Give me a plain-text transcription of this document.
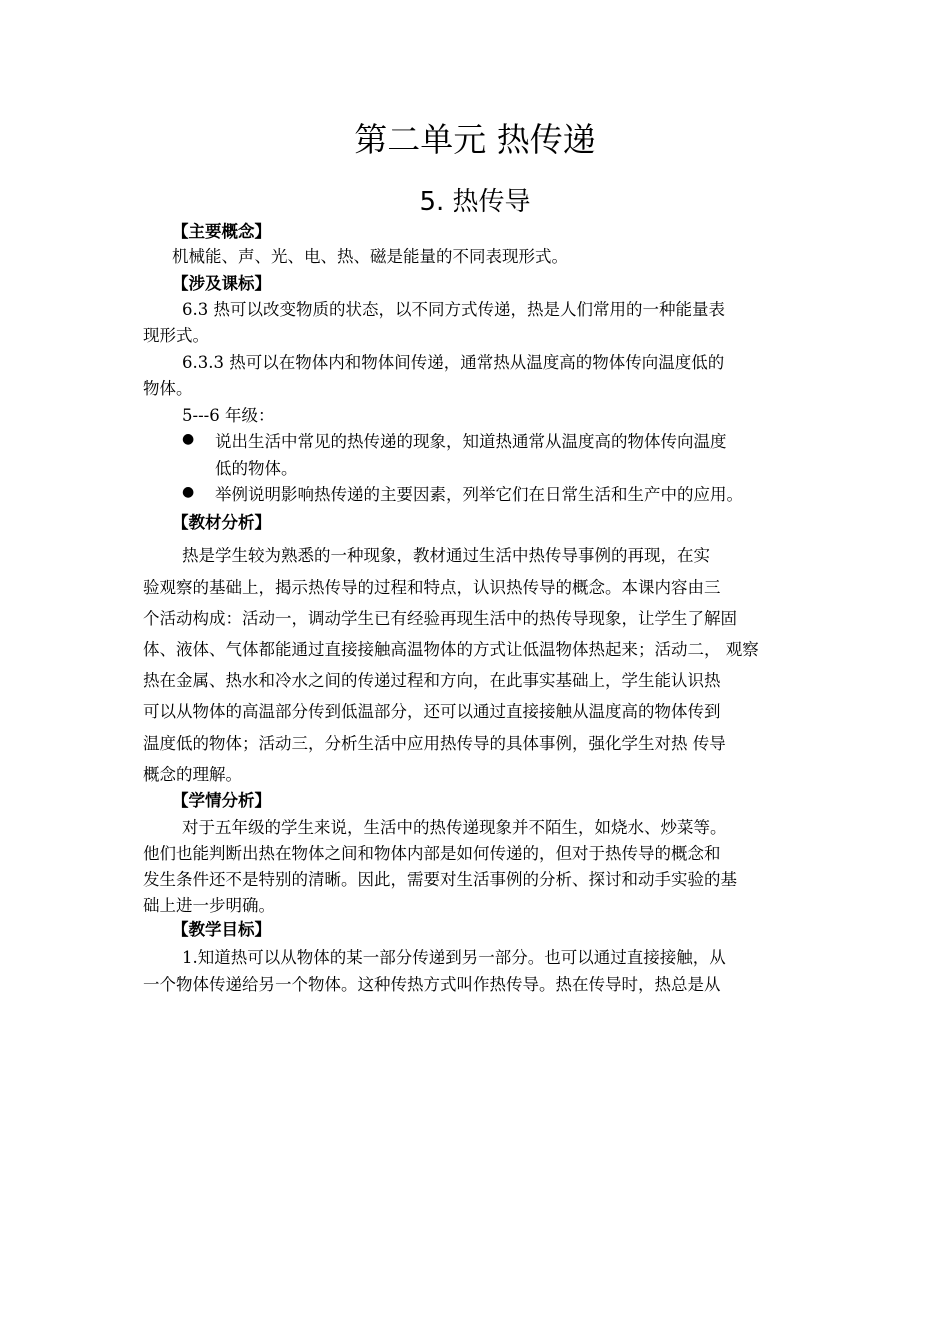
第二单元 热传递
5. 热传导
【主要概念】
机械能、声、光、电、热、磁是能量的不同表现形式。
【涉及课标】
6.3 热可以改变物质的状态，以不同方式传递，热是人们常用的一种能量表
现形式。
6.3.3 热可以在物体内和物体间传递，通常热从温度高的物体传向温度低的
物体。
5---6 年级：
● 说出生活中常见的热传递的现象，知道热通常从温度高的物体传向温度
低的物体。
● 举例说明影响热传递的主要因素，列举它们在日常生活和生产中的应用。
【教材分析】
热是学生较为熟悉的一种现象，教材通过生活中热传导事例的再现，在实
验观察的基础上，揭示热传导的过程和特点，认识热传导的概念。本课内容由三
个活动构成：活动一，调动学生已有经验再现生活中的热传导现象，让学生了解固
体、液体、气体都能通过直接接触高温物体的方式让低温物体热起来；活动二， 观察
热在金属、热水和冷水之间的传递过程和方向，在此事实基础上，学生能认识热
可以从物体的高温部分传到低温部分，还可以通过直接接触从温度高的物体传到
温度低的物体；活动三，分析生活中应用热传导的具体事例，强化学生对热 传导
概念的理解。
【学情分析】
对于五年级的学生来说，生活中的热传递现象并不陌生，如烧水、炒菜等。
他们也能判断出热在物体之间和物体内部是如何传递的，但对于热传导的概念和
发生条件还不是特别的清晰。因此，需要对生活事例的分析、探讨和动手实验的基
础上进一步明确。
【教学目标】
1.知道热可以从物体的某一部分传递到另一部分。也可以通过直接接触，从
一个物体传递给另一个物体。这种传热方式叫作热传导。热在传导时，热总是从
